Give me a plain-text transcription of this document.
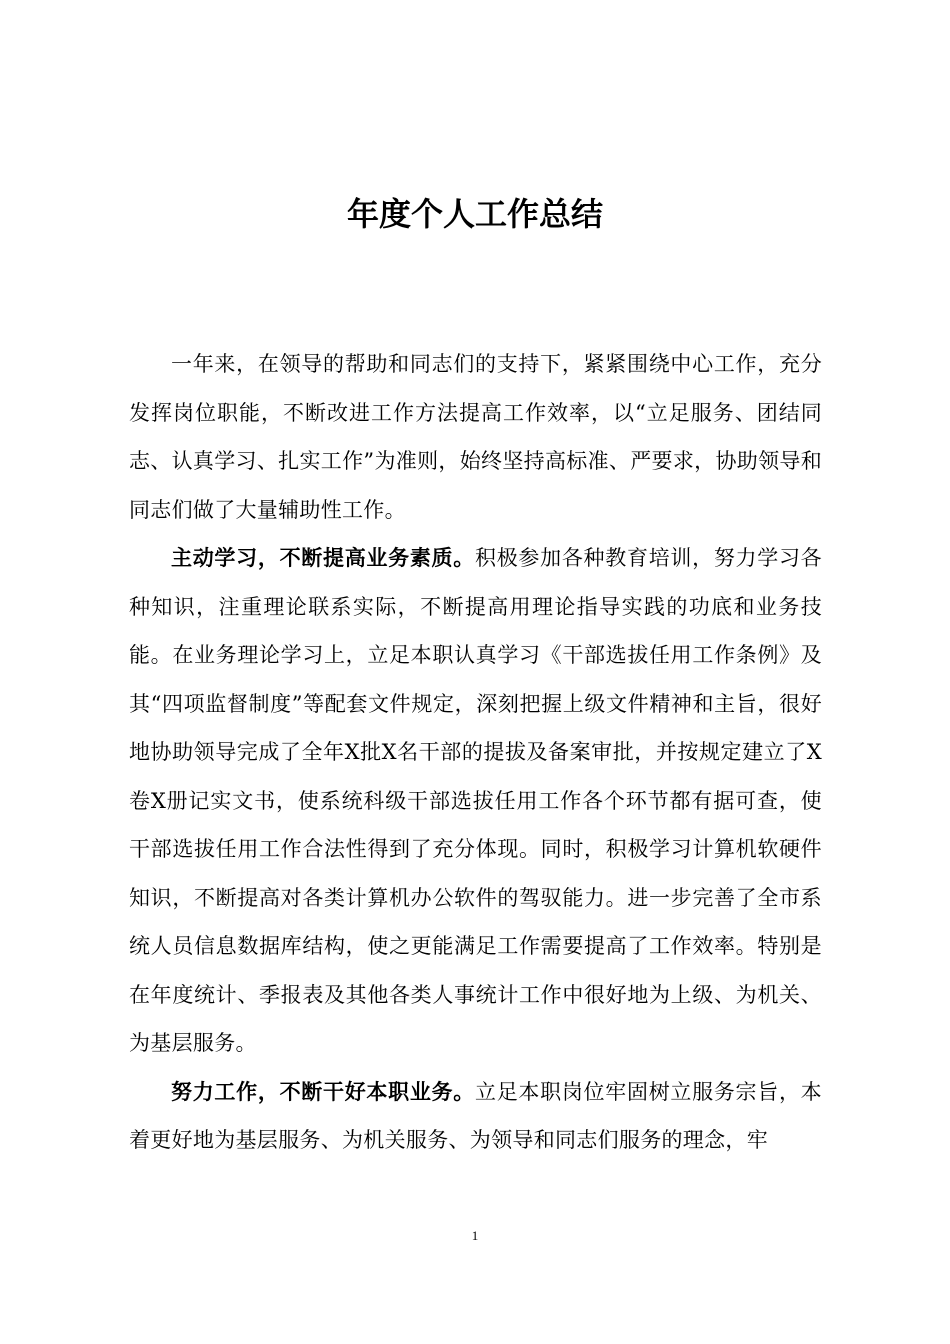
年度个人工作总结

一年来，在领导的帮助和同志们的支持下，紧紧围绕中心工作，充分发挥岗位职能，不断改进工作方法提高工作效率，以“立足服务、团结同志、认真学习、扎实工作”为准则，始终坚持高标准、严要求，协助领导和同志们做了大量辅助性工作。

主动学习，不断提高业务素质。积极参加各种教育培训，努力学习各种知识，注重理论联系实际，不断提高用理论指导实践的功底和业务技能。在业务理论学习上，立足本职认真学习《干部选拔任用工作条例》及其“四项监督制度”等配套文件规定，深刻把握上级文件精神和主旨，很好地协助领导完成了全年X批X名干部的提拔及备案审批，并按规定建立了X卷X册记实文书，使系统科级干部选拔任用工作各个环节都有据可查，使干部选拔任用工作合法性得到了充分体现。同时，积极学习计算机软硬件知识，不断提高对各类计算机办公软件的驾驭能力。进一步完善了全市系统人员信息数据库结构，使之更能满足工作需要提高了工作效率。特别是在年度统计、季报表及其他各类人事统计工作中很好地为上级、为机关、为基层服务。

努力工作，不断干好本职业务。立足本职岗位牢固树立服务宗旨，本着更好地为基层服务、为机关服务、为领导和同志们服务的理念，牢

1
